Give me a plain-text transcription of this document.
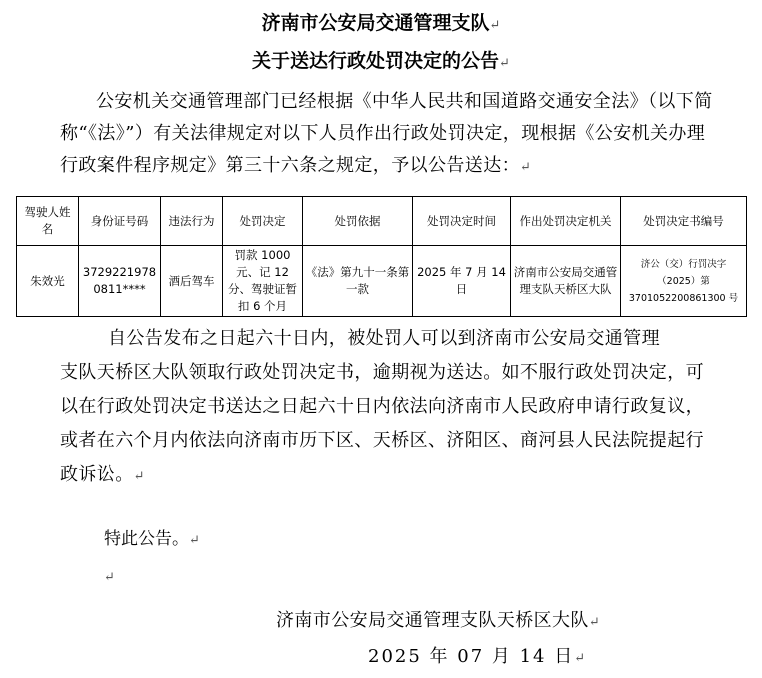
济南市公安局交通管理支队↵
关于送达行政处罚决定的公告↵
公安机关交通管理部门已经根据《中华人民共和国道路交通安全法》（以下简称“《法》”）有关法律规定对以下人员作出行政处罚决定，现根据《公安机关办理行政案件程序规定》第三十六条之规定，予以公告送达：↵
驾驶人姓名	身份证号码	违法行为	处罚决定	处罚依据	处罚决定时间	作出处罚决定机关	处罚决定书编号
朱效光	37292219780811****	酒后驾车	罚款 1000 元、记 12 分、驾驶证暂扣 6 个月	《法》第九十一条第一款	2025 年 7 月 14 日	济南市公安局交通管理支队天桥区大队	济公（交）行罚决字（2025）第 3701052200861300 号
自公告发布之日起六十日内，被处罚人可以到济南市公安局交通管理
支队天桥区大队领取行政处罚决定书，逾期视为送达。如不服行政处罚决定，可以在行政处罚决定书送达之日起六十日内依法向济南市人民政府申请行政复议，或者在六个月内依法向济南市历下区、天桥区、济阳区、商河县人民法院提起行政诉讼。↵
特此公告。↵
↵
济南市公安局交通管理支队天桥区大队↵
2025 年 07 月 14 日↵
